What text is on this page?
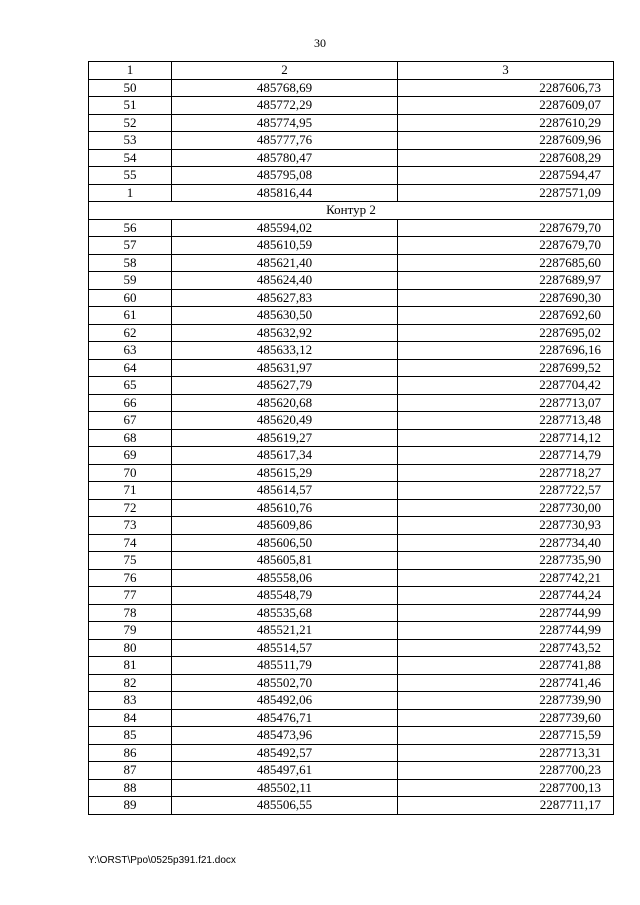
30
1	2	3
50	485768,69	2287606,73
51	485772,29	2287609,07
52	485774,95	2287610,29
53	485777,76	2287609,96
54	485780,47	2287608,29
55	485795,08	2287594,47
1	485816,44	2287571,09
Контур 2		
56	485594,02	2287679,70
57	485610,59	2287679,70
58	485621,40	2287685,60
59	485624,40	2287689,97
60	485627,83	2287690,30
61	485630,50	2287692,60
62	485632,92	2287695,02
63	485633,12	2287696,16
64	485631,97	2287699,52
65	485627,79	2287704,42
66	485620,68	2287713,07
67	485620,49	2287713,48
68	485619,27	2287714,12
69	485617,34	2287714,79
70	485615,29	2287718,27
71	485614,57	2287722,57
72	485610,76	2287730,00
73	485609,86	2287730,93
74	485606,50	2287734,40
75	485605,81	2287735,90
76	485558,06	2287742,21
77	485548,79	2287744,24
78	485535,68	2287744,99
79	485521,21	2287744,99
80	485514,57	2287743,52
81	485511,79	2287741,88
82	485502,70	2287741,46
83	485492,06	2287739,90
84	485476,71	2287739,60
85	485473,96	2287715,59
86	485492,57	2287713,31
87	485497,61	2287700,23
88	485502,11	2287700,13
89	485506,55	2287711,17
Y:\ORST\Ppo\0525p391.f21.docx
